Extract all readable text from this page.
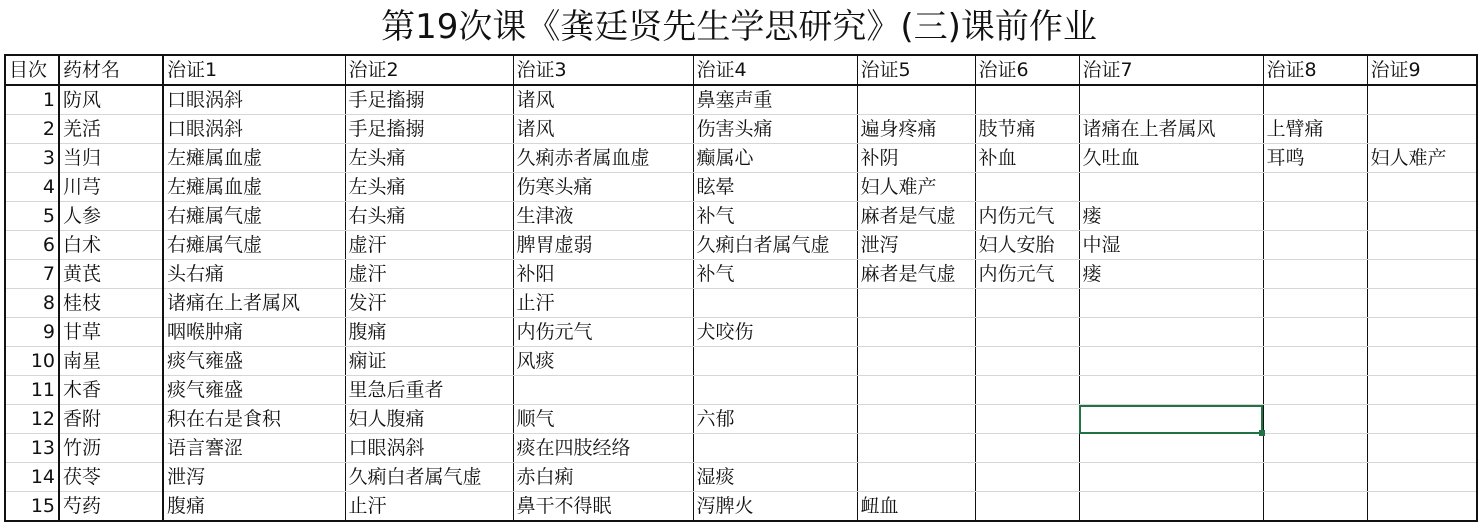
第19次课《龚廷贤先生学思研究》(三)课前作业
目次	药材名	治证1	治证2	治证3	治证4	治证5	治证6	治证7	治证8	治证9
1	防风	口眼涡斜	手足搐搦	诸风	鼻塞声重					
2	羌活	口眼涡斜	手足搐搦	诸风	伤害头痛	遍身疼痛	肢节痛	诸痛在上者属风	上臂痛	
3	当归	左瘫属血虚	左头痛	久痢赤者属血虚	癫属心	补阴	补血	久吐血	耳鸣	妇人难产
4	川芎	左瘫属血虚	左头痛	伤寒头痛	眩晕	妇人难产				
5	人参	右瘫属气虚	右头痛	生津液	补气	麻者是气虚	内伤元气	瘘		
6	白术	右瘫属气虚	虚汗	脾胃虚弱	久痢白者属气虚	泄泻	妇人安胎	中湿		
7	黄芪	头右痛	虚汗	补阳	补气	麻者是气虚	内伤元气	瘘		
8	桂枝	诸痛在上者属风	发汗	止汗						
9	甘草	咽喉肿痛	腹痛	内伤元气	犬咬伤					
10	南星	痰气雍盛	痫证	风痰						
11	木香	痰气雍盛	里急后重者							
12	香附	积在右是食积	妇人腹痛	顺气	六郁					
13	竹沥	语言謇涩	口眼涡斜	痰在四肢经络						
14	茯苓	泄泻	久痢白者属气虚	赤白痢	湿痰					
15	芍药	腹痛	止汗	鼻干不得眠	泻脾火	衄血				
